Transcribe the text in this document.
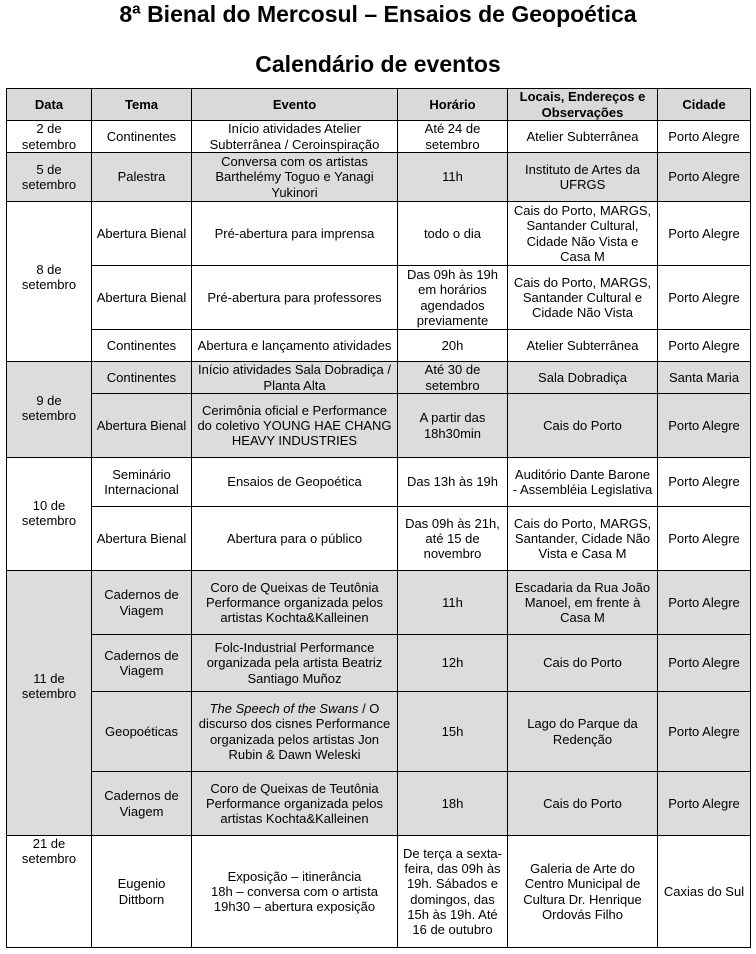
8ª Bienal do Mercosul – Ensaios de Geopoética
Calendário de eventos
Data	Tema	Evento	Horário	Locais, Endereços e Observações	Cidade
2 de setembro	Continentes	Início atividades Atelier Subterrânea / Ceroinspiração	Até 24 de setembro	Atelier Subterrânea	Porto Alegre
5 de setembro	Palestra	Conversa com os artistas Barthelémy Toguo e Yanagi Yukinori	11h	Instituto de Artes da UFRGS	Porto Alegre
8 de setembro	Abertura Bienal	Pré-abertura para imprensa	todo o dia	Cais do Porto, MARGS, Santander Cultural, Cidade Não Vista e Casa M	Porto Alegre
	Abertura Bienal	Pré-abertura para professores	Das 09h às 19h em horários agendados previamente	Cais do Porto, MARGS, Santander Cultural e Cidade Não Vista	Porto Alegre
	Continentes	Abertura e lançamento atividades	20h	Atelier Subterrânea	Porto Alegre
9 de setembro	Continentes	Início atividades Sala Dobradiça / Planta Alta	Até 30 de setembro	Sala Dobradiça	Santa Maria
	Abertura Bienal	Cerimônia oficial e Performance do coletivo YOUNG HAE CHANG HEAVY INDUSTRIES	A partir das 18h30min	Cais do Porto	Porto Alegre
10 de setembro	Seminário Internacional	Ensaios de Geopoética	Das 13h às 19h	Auditório Dante Barone - Assembléia Legislativa	Porto Alegre
	Abertura Bienal	Abertura para o público	Das 09h às 21h, até 15 de novembro	Cais do Porto, MARGS, Santander, Cidade Não Vista e Casa M	Porto Alegre
11 de setembro	Cadernos de Viagem	Coro de Queixas de Teutônia Performance organizada pelos artistas Kochta&Kalleinen	11h	Escadaria da Rua João Manoel, em frente à Casa M	Porto Alegre
	Cadernos de Viagem	Folc-Industrial Performance organizada pela artista Beatriz Santiago Muñoz	12h	Cais do Porto	Porto Alegre
	Geopoéticas	The Speech of the Swans / O discurso dos cisnes Performance organizada pelos artistas Jon Rubin & Dawn Weleski	15h	Lago do Parque da Redenção	Porto Alegre
	Cadernos de Viagem	Coro de Queixas de Teutônia Performance organizada pelos artistas Kochta&Kalleinen	18h	Cais do Porto	Porto Alegre
21 de setembro	Eugenio Dittborn	Exposição – itinerância
18h – conversa com o artista
19h30 – abertura exposição	De terça a sexta-feira, das 09h às 19h. Sábados e domingos, das 15h às 19h. Até 16 de outubro	Galeria de Arte do Centro Municipal de Cultura Dr. Henrique Ordovás Filho	Caxias do Sul
